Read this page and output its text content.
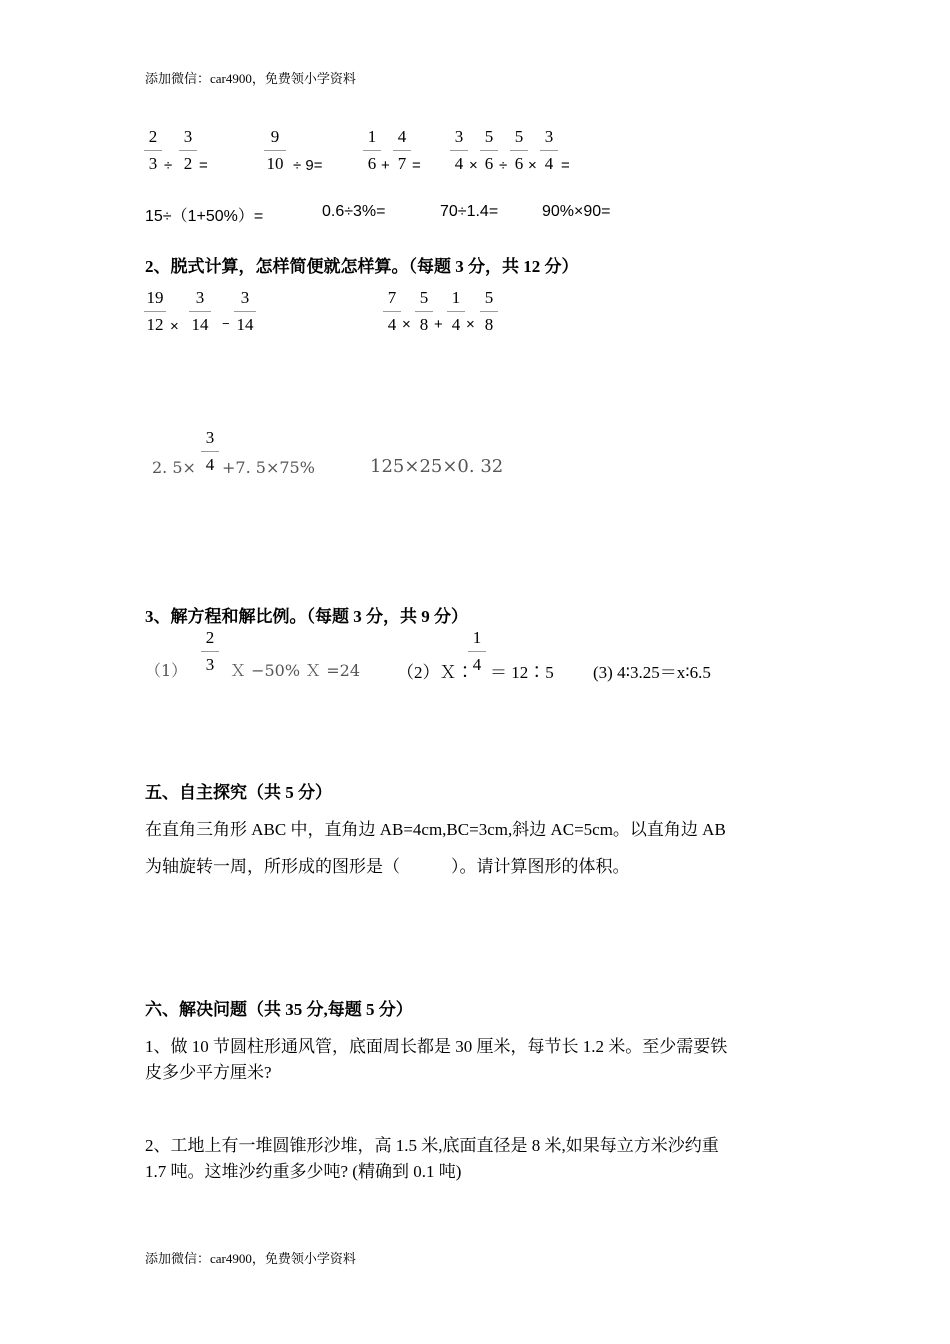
添加微信：car4900，免费领小学资料
2
3 ÷
3
2 =
9
10 ÷ 9=
1
6 +
4
7 =
3
4 ×
5
6 ÷
5
6 ×
3
4 =
15÷（1+50%）=	0.6÷3%=	70÷1.4=	90%×90=
2、脱式计算，怎样简便就怎样算。（每题 3 分，共 12 分）
19
12 ×
3
14	−
3
14
7
4 ×
5
8 +
1
4 ×
5
8
2. 5×
3
4 +7. 5×75%	125×25×0. 32
3、解方程和解比例。（每题 3 分，共 9 分）
（1）
2
3 Ｘ −50% Ｘ =24 （2）Ｘ∶
1
4 ＝ 12∶5 (3) 4∶3.25＝x∶6.5
五、自主探究（共 5 分）
在直角三角形 ABC 中，直角边 AB=4cm,BC=3cm,斜边 AC=5cm。以直角边 AB
为轴旋转一周，所形成的图形是（　　　）。请计算图形的体积。
六、解决问题（共 35 分,每题 5 分）
1、做 10 节圆柱形通风管，底面周长都是 30 厘米，每节长 1.2 米。至少需要铁
皮多少平方厘米?
2、工地上有一堆圆锥形沙堆，高 1.5 米,底面直径是 8 米,如果每立方米沙约重
1.7 吨。这堆沙约重多少吨? (精确到 0.1 吨)
添加微信：car4900，免费领小学资料
